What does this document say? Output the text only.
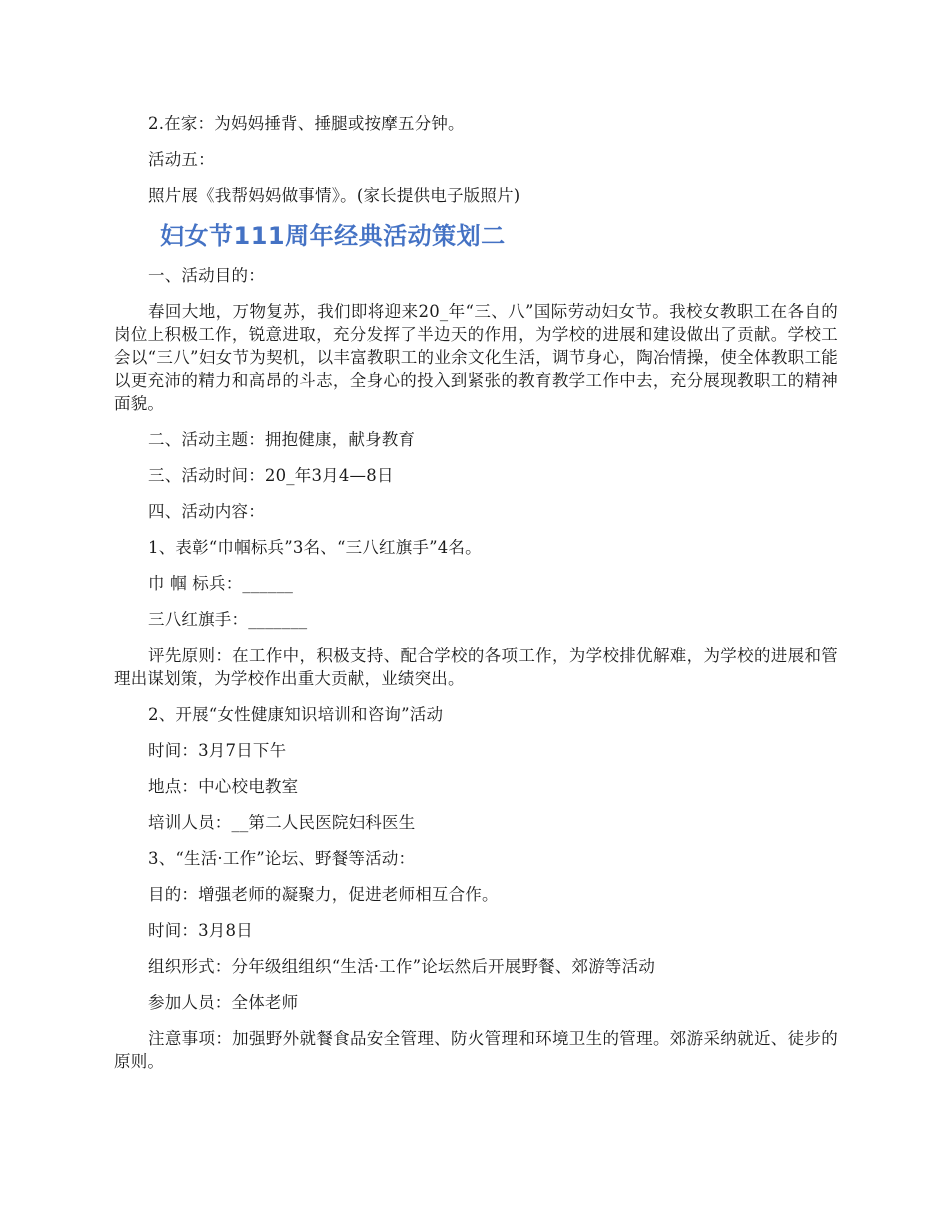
2.在家：为妈妈捶背、捶腿或按摩五分钟。

活动五：

照片展《我帮妈妈做事情》。(家长提供电子版照片)

妇女节111周年经典活动策划二

一、活动目的：

春回大地，万物复苏，我们即将迎来20_年“三、八”国际劳动妇女节。我校女教职工在各自的岗位上积极工作，锐意进取，充分发挥了半边天的作用，为学校的进展和建设做出了贡献。学校工会以“三八”妇女节为契机，以丰富教职工的业余文化生活，调节身心，陶冶情操，使全体教职工能以更充沛的精力和高昂的斗志，全身心的投入到紧张的教育教学工作中去，充分展现教职工的精神面貌。

二、活动主题：拥抱健康，献身教育

三、活动时间：20_年3月4—8日

四、活动内容：

1、表彰“巾帼标兵”3名、“三八红旗手”4名。

巾 帼 标兵：______

三八红旗手：_______

评先原则：在工作中，积极支持、配合学校的各项工作，为学校排优解难，为学校的进展和管理出谋划策，为学校作出重大贡献，业绩突出。

2、开展“女性健康知识培训和咨询”活动

时间：3月7日下午

地点：中心校电教室

培训人员：__第二人民医院妇科医生

3、“生活·工作”论坛、野餐等活动：

目的：增强老师的凝聚力，促进老师相互合作。

时间：3月8日

组织形式：分年级组组织“生活·工作”论坛然后开展野餐、郊游等活动

参加人员：全体老师

注意事项：加强野外就餐食品安全管理、防火管理和环境卫生的管理。郊游采纳就近、徒步的原则。
